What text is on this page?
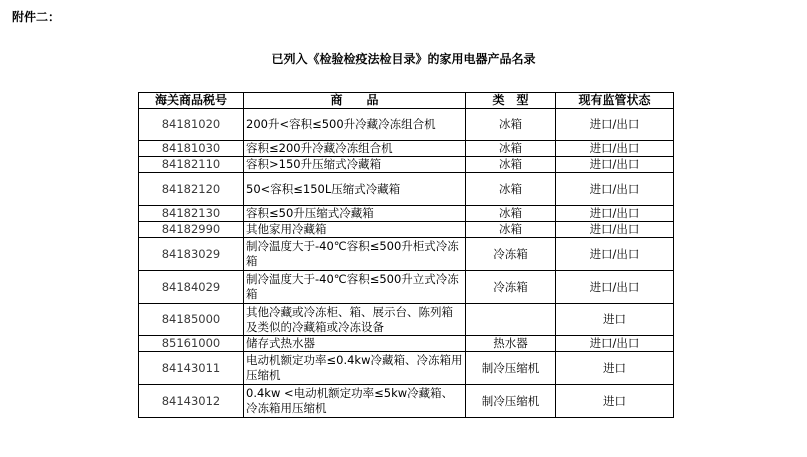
附件二：
已列入《检验检疫法检目录》的家用电器产品名录
海关商品税号	商　　品	类　型	现有监管状态
84181020	200升<容积≤500升冷藏冷冻组合机	冰箱	进口/出口
84181030	容积≤200升冷藏冷冻组合机	冰箱	进口/出口
84182110	容积>150升压缩式冷藏箱	冰箱	进口/出口
84182120	50<容积≤150L压缩式冷藏箱	冰箱	进口/出口
84182130	容积≤50升压缩式冷藏箱	冰箱	进口/出口
84182990	其他家用冷藏箱	冰箱	进口/出口
84183029	制冷温度大于-40℃容积≤500升柜式冷冻箱	冷冻箱	进口/出口
84184029	制冷温度大于-40℃容积≤500升立式冷冻箱	冷冻箱	进口/出口
84185000	其他冷藏或冷冻柜、箱、展示台、陈列箱及类似的冷藏箱或冷冻设备		进口
85161000	储存式热水器	热水器	进口/出口
84143011	电动机额定功率≤0.4kw冷藏箱、冷冻箱用压缩机	制冷压缩机	进口
84143012	0.4kw <电动机额定功率≤5kw冷藏箱、冷冻箱用压缩机	制冷压缩机	进口
